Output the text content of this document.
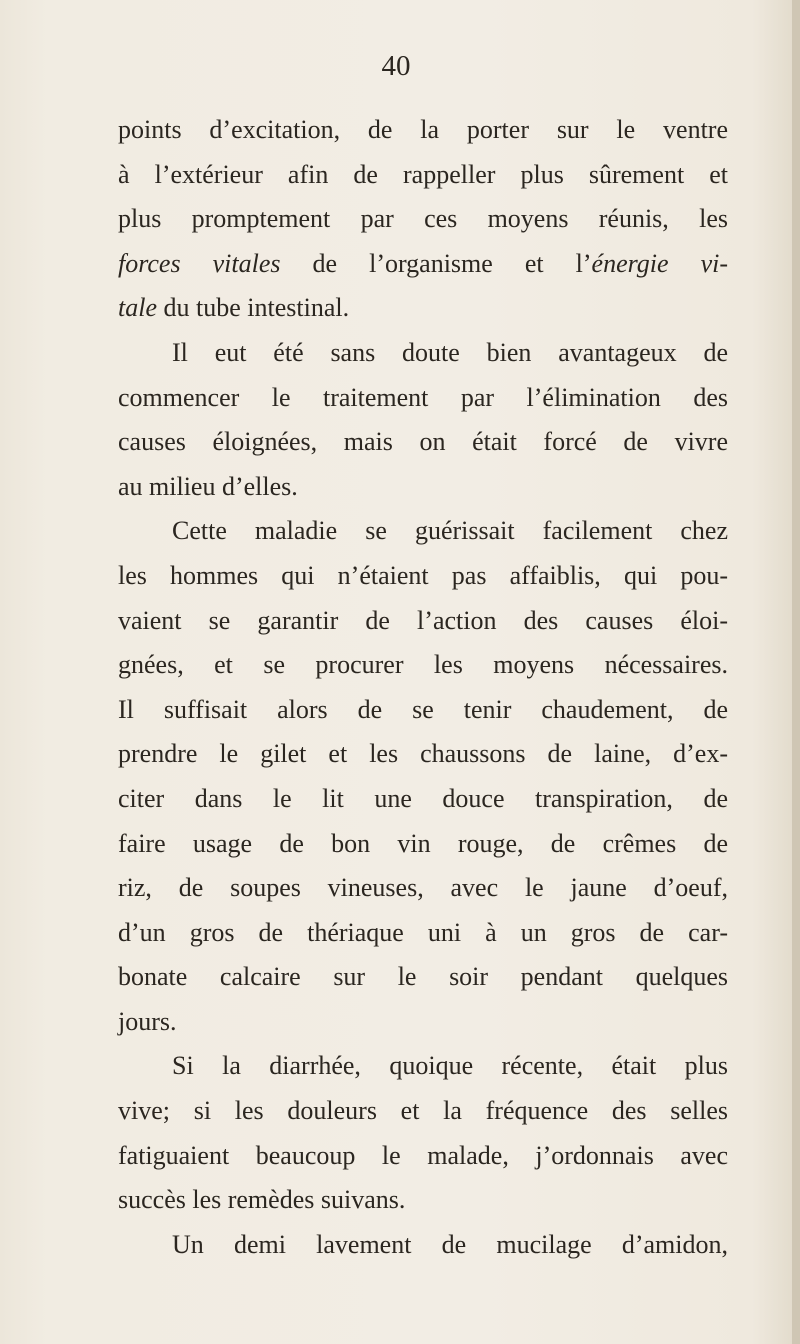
40
points d’excitation, de la porter sur le ventre
à l’extérieur afin de rappeller plus sûrement et
plus promptement par ces moyens réunis, les
forces vitales de l’organisme et l’énergie vi-
tale du tube intestinal.
Il eut été sans doute bien avantageux de
commencer le traitement par l’élimination des
causes éloignées, mais on était forcé de vivre
au milieu d’elles.
Cette maladie se guérissait facilement chez
les hommes qui n’étaient pas affaiblis, qui pou-
vaient se garantir de l’action des causes éloi-
gnées, et se procurer les moyens nécessaires.
Il suffisait alors de se tenir chaudement, de
prendre le gilet et les chaussons de laine, d’ex-
citer dans le lit une douce transpiration, de
faire usage de bon vin rouge, de crêmes de
riz, de soupes vineuses, avec le jaune d’oeuf,
d’un gros de thériaque uni à un gros de car-
bonate calcaire sur le soir pendant quelques
jours.
Si la diarrhée, quoique récente, était plus
vive; si les douleurs et la fréquence des selles
fatiguaient beaucoup le malade, j’ordonnais avec
succès les remèdes suivans.
Un demi lavement de mucilage d’amidon,
